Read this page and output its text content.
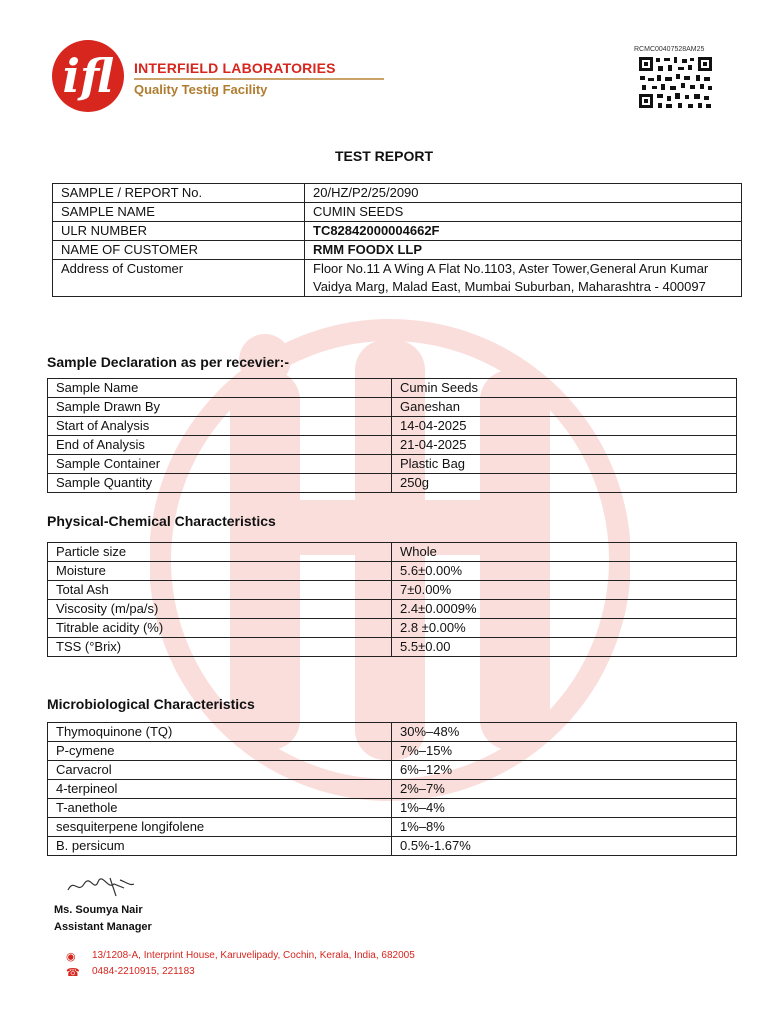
ifl	INTERFIELD LABORATORIES
Quality Testig Facility
RCMC00407528AM25
TEST REPORT
SAMPLE / REPORT No.	20/HZ/P2/25/2090
SAMPLE NAME	CUMIN SEEDS
ULR NUMBER	TC82842000004662F
NAME OF CUSTOMER	RMM FOODX LLP
Address of Customer	Floor No.11 A Wing A Flat No.1103, Aster Tower,General Arun Kumar Vaidya Marg, Malad East, Mumbai Suburban, Maharashtra - 400097
Sample Declaration as per recevier:-
Sample Name	Cumin Seeds
Sample Drawn By	Ganeshan
Start of Analysis	14-04-2025
End of Analysis	21-04-2025
Sample Container	Plastic Bag
Sample Quantity	250g
Physical-Chemical Characteristics
Particle size	Whole
Moisture	5.6±0.00%
Total Ash	7±0.00%
Viscosity (m/pa/s)	2.4±0.0009%
Titrable acidity (%)	2.8 ±0.00%
TSS (°Brix)	5.5±0.00
Microbiological Characteristics
Thymoquinone (TQ)	30%–48%
P-cymene	7%–15%
Carvacrol	6%–12%
4-terpineol	2%–7%
T-anethole	1%–4%
sesquiterpene longifolene	1%–8%
B. persicum	0.5%-1.67%
Ms. Soumya Nair
Assistant Manager
◉ 13/1208-A, Interprint House, Karuvelipady, Cochin, Kerala, India, 682005
☎ 0484-2210915, 221183
